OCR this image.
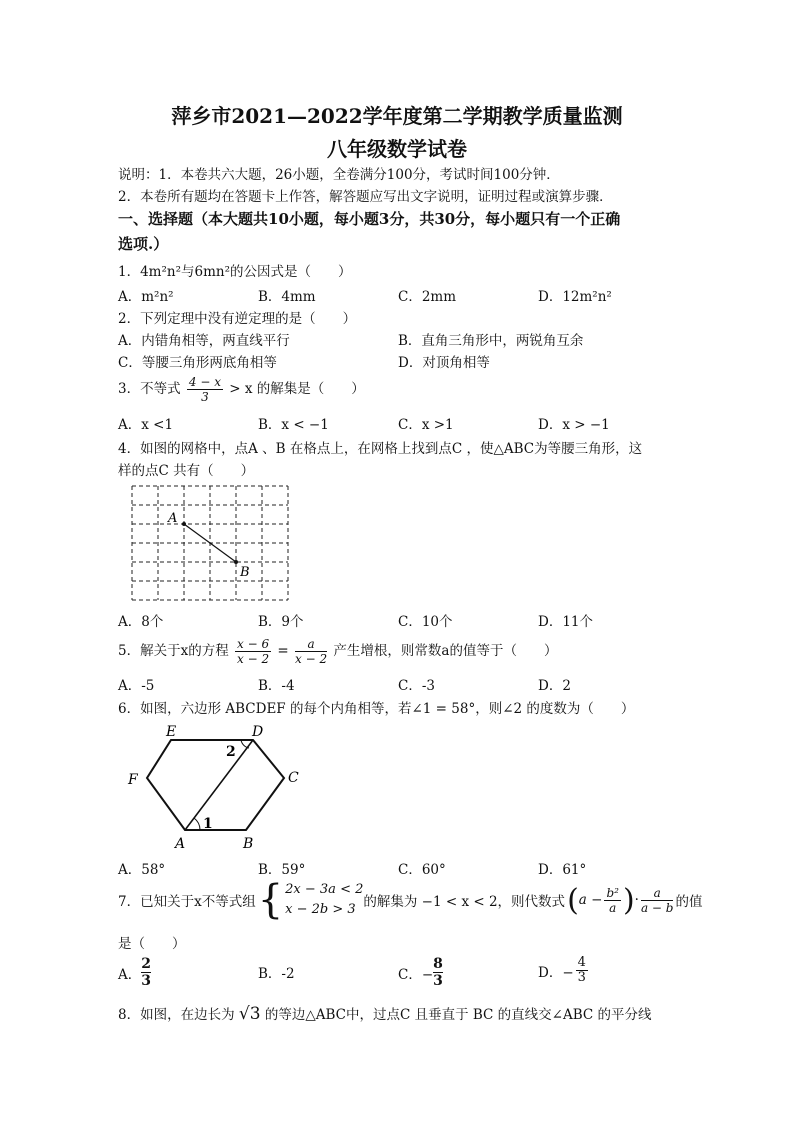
萍乡市2021—2022学年度第二学期教学质量监测
八年级数学试卷
说明：1．本卷共六大题，26小题，全卷满分100分，考试时间100分钟．
2．本卷所有题均在答题卡上作答，解答题应写出文字说明，证明过程或演算步骤．
一、选择题（本大题共10小题，每小题3分，共30分，每小题只有一个正确
选项.）
1．4m²n²与6mn²的公因式是（　　）
A．m²n²	B．4mm	C．2mm	D．12m²n²
2．下列定理中没有逆定理的是（　　）
A．内错角相等，两直线平行	B．直角三角形中，两锐角互余
C．等腰三角形两底角相等	D．对顶角相等
3．不等式 $\frac{4 - x}{3} > x$ 的解集是（　　）
A．x <1	B．x < −1	C．x >1	D．x > −1
4．如图的网格中，点A 、B 在格点上，在网格上找到点C ，使△ABC为等腰三角形，这
样的点C 共有（　　）
A
B
A．8个	B．9个	C．10个	D．11个
5．解关于x的方程 $\frac{x - 6}{x - 2} = \frac{a}{x - 2}$ 产生增根，则常数a的值等于（　　）
A．-5	B．-4	C．-3	D．2
6．如图，六边形 ABCDEF 的每个内角相等，若∠1 = 58°，则∠2 的度数为（　　）
A	B
C
D
E
F
1
2
A．58°	B．59°	C．60°	D．61°
7．已知关于x不等式组 { 2x − 3a < 2
x − 2b > 3 的解集为 −1 < x < 2，则代数式 ( $a - \frac{\text{b²}}{a}$ ) · $\frac{a}{a - b}$ 的值
是（　　）
A． $\frac{2}{3}$	B．-2	C．− $\frac{8}{3}$	D．− $\frac{4}{3}$
8．如图，在边长为 √3 的等边△ABC中，过点C 且垂直于 BC 的直线交∠ABC 的平分线
